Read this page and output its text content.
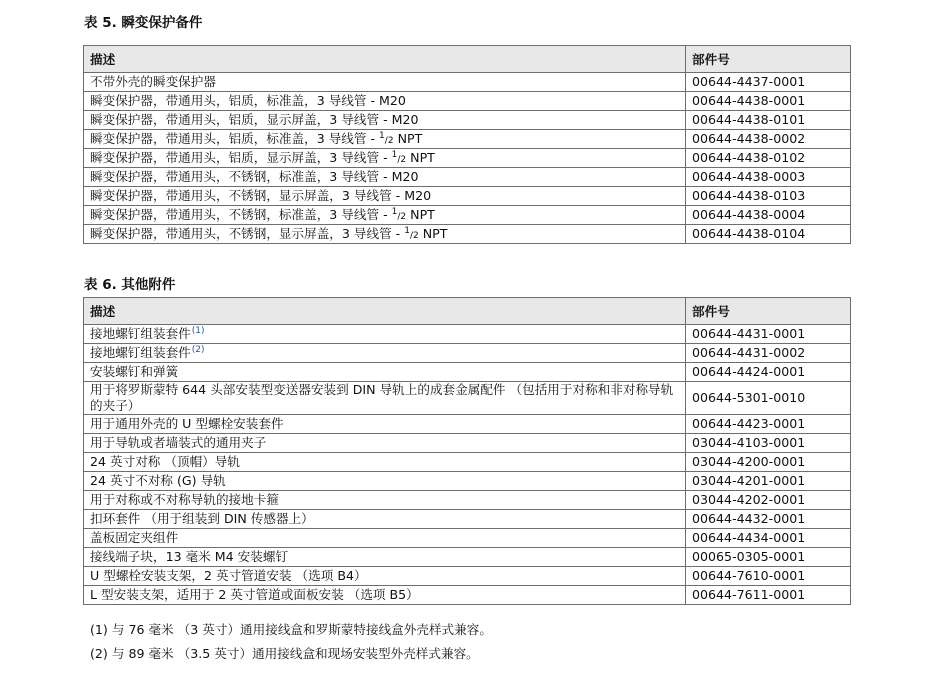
表 5. 瞬变保护备件
描述	部件号
不带外壳的瞬变保护器	00644-4437-0001
瞬变保护器，带通用头，铝质，标准盖，3 导线管 - M20	00644-4438-0001
瞬变保护器，带通用头，铝质，显示屏盖，3 导线管 - M20	00644-4438-0101
瞬变保护器，带通用头，铝质，标准盖，3 导线管 - $^1$/2 NPT	00644-4438-0002
瞬变保护器，带通用头，铝质，显示屏盖，3 导线管 - $^1$/2 NPT	00644-4438-0102
瞬变保护器，带通用头，不锈钢，标准盖，3 导线管 - M20	00644-4438-0003
瞬变保护器，带通用头，不锈钢，显示屏盖，3 导线管 - M20	00644-4438-0103
瞬变保护器，带通用头，不锈钢，标准盖，3 导线管 - $^1$/2 NPT	00644-4438-0004
瞬变保护器，带通用头，不锈钢，显示屏盖，3 导线管 - $^1$/2 NPT	00644-4438-0104
表 6. 其他附件
描述	部件号
接地螺钉组装套件$^{(1)}$	00644-4431-0001
接地螺钉组装套件$^{(2)}$	00644-4431-0002
安装螺钉和弹簧	00644-4424-0001
用于将罗斯蒙特 644 头部安装型变送器安装到 DIN 导轨上的成套金属配件 （包括用于对称和非对称导轨的夹子）	00644-5301-0010
用于通用外壳的 U 型螺栓安装套件	00644-4423-0001
用于导轨或者墙装式的通用夹子	03044-4103-0001
24 英寸对称 （顶帽）导轨	03044-4200-0001
24 英寸不对称 (G) 导轨	03044-4201-0001
用于对称或不对称导轨的接地卡箍	03044-4202-0001
扣环套件 （用于组装到 DIN 传感器上）	00644-4432-0001
盖板固定夹组件	00644-4434-0001
接线端子块，13 毫米 M4 安装螺钉	00065-0305-0001
U 型螺栓安装支架，2 英寸管道安装 （选项 B4）	00644-7610-0001
L 型安装支架，适用于 2 英寸管道或面板安装 （选项 B5）	00644-7611-0001
(1) 与 76 毫米 （3 英寸）通用接线盒和罗斯蒙特接线盒外壳样式兼容。
(2) 与 89 毫米 （3.5 英寸）通用接线盒和现场安装型外壳样式兼容。
